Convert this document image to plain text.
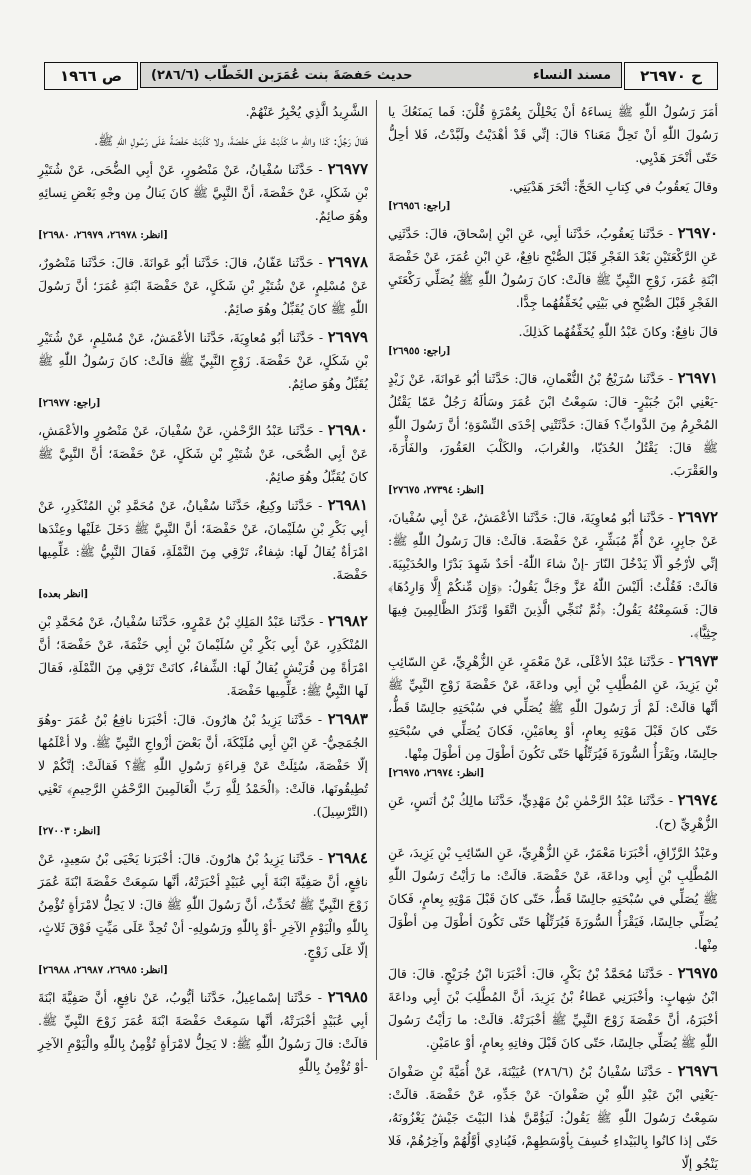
ح ٢٦٩٧٠
مسند النساء
حديث حَفصَةَ بنت عُمَرَبن الخَطّاب (٢٨٦/٦)
ص ١٩٦٦
أمَرَ رَسُولُ اللّٰهِ ﷺ نِساءَهُ أنْ يَحْلِلْنَ بِعُمْرَةٍ قُلْنَ: فَما يَمنَعُكَ يا رَسُولَ اللّٰهِ أنْ تَحِلَّ مَعَنا؟ قالَ: إنِّي قَدْ أهْدَيْتُ ولَبَّدْتُ، فَلا أحِلُّ حَتّى أنْحَرَ هَدْيِي.
وقالَ يَعقُوبُ في كِتابِ الحَجِّ: أنْحَرَ هَدْيَتِي.
[راجع: ٢٦٩٥٦]
٢٦٩٧٠ - حَدَّثَنا يَعقُوبُ، حَدَّثَنا أبِي، عَنِ ابْنِ إسْحاقَ، قالَ: حَدَّثَنِي عَنِ الرَّكْعَتَيْنِ بَعْدَ الفَجْرِ قَبْلَ الصُّبْحِ نافِعٌ، عَنِ ابْنِ عُمَرَ، عَنْ حَفْصَةَ ابْنَةِ عُمَرَ، زَوْجِ النَّبِيِّ ﷺ قالَتْ: كانَ رَسُولُ اللّٰهِ ﷺ يُصَلِّي رَكْعَتَيِ الفَجْرِ قَبْلَ الصُّبْحِ في بَيْتِي يُخَفِّفُهُما جِدًّا.
قالَ نافِعٌ: وكانَ عَبْدُ اللّٰهِ يُخَفِّفُهُما كَذلِكَ.
[راجع: ٢٦٩٥٥]
٢٦٩٧١ - حَدَّثَنا سُرَيْجُ بْنُ النُّعْمانِ، قالَ: حَدَّثَنا أبُو عَوانَةَ، عَنْ زَيْدٍ -يَعْنِي ابْنَ جُبَيْرٍ- قالَ: سَمِعْتُ ابْنَ عُمَرَ وسَألَهُ رَجُلٌ عَمّا يَقْتُلُ المُحْرِمُ مِنَ الدَّوابِّ؟ فَقالَ: حَدَّثَتْنِي إحْدَى النِّسْوَةِ؛ أنَّ رَسُولَ اللّٰهِ ﷺ قالَ: يَقْتُلُ الحُدَيّا، والغُرابَ، والكَلْبَ العَقُورَ، والفَأْرَةَ، والعَقْرَبَ.
[انظر: ٢٧٣٩٤، ٢٧٦٧٥]
٢٦٩٧٢ - حَدَّثَنا أبُو مُعاوِيَةَ، قالَ: حَدَّثَنا الأعْمَشُ، عَنْ أبِي سُفْيانَ، عَنْ جابِرٍ، عَنْ أُمِّ مُبَشِّرٍ، عَنْ حَفْصَةَ. قالَتْ: قالَ رَسُولُ اللّٰهِ ﷺ: إنِّي لأرْجُو ألّا يَدْخُلَ النّارَ -إنْ شاءَ اللّٰهُ- أحَدٌ شَهِدَ بَدْرًا والحُدَيْبِيَةَ. قالَتْ: فَقُلْتُ: ألَيْسَ اللّٰهُ عَزَّ وجَلَّ يَقُولُ: ﴿وَإِن مِّنكُمْ إِلَّا وَارِدُهَا﴾ قالَ: فَسَمِعْتُهُ يَقُولُ: ﴿ثُمَّ نُنَجِّي الَّذِينَ اتَّقَوا وَّنَذَرُ الظَّالِمِينَ فِيهَا جِثِيًّا﴾.
٢٦٩٧٣ - حَدَّثَنا عَبْدُ الأعْلَى، عَنْ مَعْمَرٍ، عَنِ الزُّهْرِيِّ، عَنِ السّائِبِ بْنِ يَزِيدَ، عَنِ المُطَّلِبِ بْنِ أبِي وداعَةَ، عَنْ حَفْصَةَ زَوْجِ النَّبِيِّ ﷺ أنَّها قالَتْ: لَمْ أرَ رَسُولَ اللّٰهِ ﷺ يُصَلِّي في سُبْحَتِهِ جالِسًا قَطُّ، حَتّى كانَ قَبْلَ مَوْتِهِ بِعامٍ، أوْ بِعامَيْنِ، فَكانَ يُصَلِّي في سُبْحَتِهِ جالِسًا، ويَقْرَأُ السُّورَةَ فَيُرَتِّلُها حَتّى تَكُونَ أطْوَلَ مِن أطْوَلَ مِنْها.
[انظر: ٢٦٩٧٤، ٢٦٩٧٥]
٢٦٩٧٤ - حَدَّثَنا عَبْدُ الرَّحْمٰنِ بْنُ مَهْدِيٍّ، حَدَّثَنا مالِكُ بْنُ أنَسٍ، عَنِ الزُّهْرِيِّ (ح).
وعَبْدُ الرَّزّاقِ، أخْبَرَنا مَعْمَرٌ، عَنِ الزُّهْرِيِّ، عَنِ السّائِبِ بْنِ يَزِيدَ، عَنِ المُطَّلِبِ بْنِ أبِي وداعَةَ، عَنْ حَفْصَةَ. قالَتْ: ما رَأيْتُ رَسُولَ اللّٰهِ ﷺ يُصَلِّي في سُبْحَتِهِ جالِسًا قَطُّ، حَتّى كانَ قَبْلَ مَوْتِهِ بِعامٍ، فَكانَ يُصَلِّي جالِسًا، فَيَقْرَأُ السُّورَةَ فَيُرَتِّلُها حَتّى تَكُونَ أطْوَلَ مِن أطْوَلَ مِنْها.
٢٦٩٧٥ - حَدَّثَنا مُحَمَّدُ بْنُ بَكْرٍ، قالَ: أخْبَرَنا ابْنُ جُرَيْجٍ. قالَ: قالَ ابْنُ شِهابٍ: وأخْبَرَنِي عَطاءُ بْنُ يَزِيدَ، أنَّ المُطَّلِبَ بْنَ أبِي وداعَةَ أخْبَرَهُ، أنَّ حَفْصَةَ زَوْجَ النَّبِيِّ ﷺ أخْبَرَتْهُ. قالَتْ: ما رَأيْتُ رَسُولَ اللّٰهِ ﷺ يُصَلِّي جالِسًا، حَتّى كانَ قَبْلَ وفاتِهِ بِعامٍ، أوْ عامَيْنِ.
٢٦٩٧٦ - حَدَّثَنا سُفْيانُ بْنُ (٢٨٦/٦) عُيَيْنَةَ، عَنْ أُمَيَّةَ بْنِ صَفْوانَ -يَعْنِي ابْنَ عَبْدِ اللّٰهِ بْنِ صَفْوانَ- عَنْ جَدِّهِ، عَنْ حَفْصَةَ. قالَتْ: سَمِعْتُ رَسُولَ اللّٰهِ ﷺ يَقُولُ: لَيَؤُمَّنَّ هٰذا البَيْتَ جَيْشٌ يَغْزُونَهُ، حَتّى إذا كانُوا بِالبَيْداءِ خُسِفَ بِأوْسَطِهِمْ، فَيُنادِي أوَّلُهُمْ وآخِرُهُمْ، فَلا يَنْجُو إلّا
الشَّرِيدُ الَّذِي يُخْبِرُ عَنْهُمْ.
فَقالَ رَجُلٌ: كَذا واللّٰهِ ما كَذَبْتُ عَلَى حَفْصَةَ، ولا كَذَبَتْ حَفْصَةُ عَلَى رَسُولِ اللّٰهِ ﷺ.
٢٦٩٧٧ - حَدَّثَنا سُفْيانُ، عَنْ مَنْصُورٍ، عَنْ أبِي الضُّحَى، عَنْ شُتَيْرِ بْنِ شَكَلٍ، عَنْ حَفْصَةَ، أنَّ النَّبِيَّ ﷺ كانَ يَنالُ مِن وجْهِ بَعْضِ نِسائِهِ وهُوَ صائِمٌ.
[انظر: ٢٦٩٧٨، ٢٦٩٧٩، ٢٦٩٨٠]
٢٦٩٧٨ - حَدَّثَنا عَفّانُ، قالَ: حَدَّثَنا أبُو عَوانَةَ. قالَ: حَدَّثَنا مَنْصُورٌ، عَنْ مُسْلِمٍ، عَنْ شُتَيْرِ بْنِ شَكَلٍ، عَنْ حَفْصَةَ ابْنَةِ عُمَرَ؛ أنَّ رَسُولَ اللّٰهِ ﷺ كانَ يُقَبِّلُ وهُوَ صائِمٌ.
٢٦٩٧٩ - حَدَّثَنا أبُو مُعاوِيَةَ، حَدَّثَنا الأعْمَشُ، عَنْ مُسْلِمٍ، عَنْ شُتَيْرِ بْنِ شَكَلٍ، عَنْ حَفْصَةَ. زَوْجِ النَّبِيِّ ﷺ قالَتْ: كانَ رَسُولُ اللّٰهِ ﷺ يُقَبِّلُ وهُوَ صائِمٌ.
[راجع: ٢٦٩٧٧]
٢٦٩٨٠ - حَدَّثَنا عَبْدُ الرَّحْمٰنِ، عَنْ سُفْيانَ، عَنْ مَنْصُورٍ والأعْمَشِ، عَنْ أبِي الضُّحَى، عَنْ شُتَيْرِ بْنِ شَكَلٍ، عَنْ حَفْصَةَ؛ أنَّ النَّبِيَّ ﷺ كانَ يُقَبِّلُ وهُوَ صائِمٌ.
٢٦٩٨١ - حَدَّثَنا وكِيعٌ، حَدَّثَنا سُفْيانُ، عَنْ مُحَمَّدِ بْنِ المُنْكَدِرِ، عَنْ أبِي بَكْرِ بْنِ سُلَيْمانَ، عَنْ حَفْصَةَ؛ أنَّ النَّبِيَّ ﷺ دَخَلَ عَلَيْها وعِنْدَها امْرَأةٌ يُقالُ لَها: شِفاءٌ، تَرْقِي مِنَ النَّمْلَةِ، فَقالَ النَّبِيُّ ﷺ: عَلِّمِيها حَفْصَةَ.
[انظر بعده]
٢٦٩٨٢ - حَدَّثَنا عَبْدُ المَلِكِ بْنُ عَمْرٍو، حَدَّثَنا سُفْيانُ، عَنْ مُحَمَّدِ بْنِ المُنْكَدِرِ، عَنْ أبِي بَكْرِ بْنِ سُلَيْمانَ بْنِ أبِي حَثْمَةَ، عَنْ حَفْصَةَ؛ أنَّ امْرَأةً مِن قُرَيْشٍ يُقالُ لَها: الشِّفاءُ، كانَتْ تَرْقِي مِنَ النَّمْلَةِ، فَقالَ لَها النَّبِيُّ ﷺ: عَلِّمِيها حَفْصَةَ.
٢٦٩٨٣ - حَدَّثَنا يَزِيدُ بْنُ هارُونَ. قالَ: أخْبَرَنا نافِعُ بْنُ عُمَرَ -وهُوَ الجُمَحِيُّ- عَنِ ابْنِ أبِي مُلَيْكَةَ، أنَّ بَعْضَ أزْواجِ النَّبِيِّ ﷺ. ولا أعْلَمُها إلّا حَفْصَةَ، سُئِلَتْ عَنْ قِراءَةِ رَسُولِ اللّٰهِ ﷺ؟ فَقالَتْ: إنَّكُمْ لا تُطِيقُونَها، قالَتْ: ﴿الْحَمْدُ لِلَّهِ رَبِّ الْعَالَمِينَ الرَّحْمَٰنِ الرَّحِيمِ﴾ تَعْنِي (التَّرْسِيلَ).
[انظر: ٢٧٠٠٣]
٢٦٩٨٤ - حَدَّثَنا يَزِيدُ بْنُ هارُونَ. قالَ: أخْبَرَنا يَحْيَى بْنُ سَعِيدٍ، عَنْ نافِعٍ، أنَّ صَفِيَّةَ ابْنَةَ أبِي عُبَيْدٍ أخْبَرَتْهُ، أنَّها سَمِعَتْ حَفْصَةَ ابْنَةَ عُمَرَ زَوْجَ النَّبِيِّ ﷺ تُحَدِّثُ، أنَّ رَسُولَ اللّٰهِ ﷺ قالَ: لا يَحِلُّ لامْرَأةٍ تُؤْمِنُ بِاللّٰهِ والْيَوْمِ الآخِرِ -أوْ بِاللّٰهِ ورَسُولِهِ- أنْ تُحِدَّ عَلَى مَيِّتٍ فَوْقَ ثَلاثٍ، إلّا عَلَى زَوْجٍ.
[انظر: ٢٦٩٨٥، ٢٦٩٨٧، ٢٦٩٨٨]
٢٦٩٨٥ - حَدَّثَنا إسْماعِيلُ، حَدَّثَنا أيُّوبُ، عَنْ نافِعٍ، أنَّ صَفِيَّةَ ابْنَةَ أبِي عُبَيْدٍ أخْبَرَتْهُ، أنَّها سَمِعَتْ حَفْصَةَ ابْنَةَ عُمَرَ زَوْجَ النَّبِيِّ ﷺ. قالَتْ: قالَ رَسُولُ اللّٰهِ ﷺ: لا يَحِلُّ لامْرَأةٍ تُؤْمِنُ بِاللّٰهِ والْيَوْمِ الآخِرِ -أوْ تُؤْمِنُ بِاللّٰهِ
